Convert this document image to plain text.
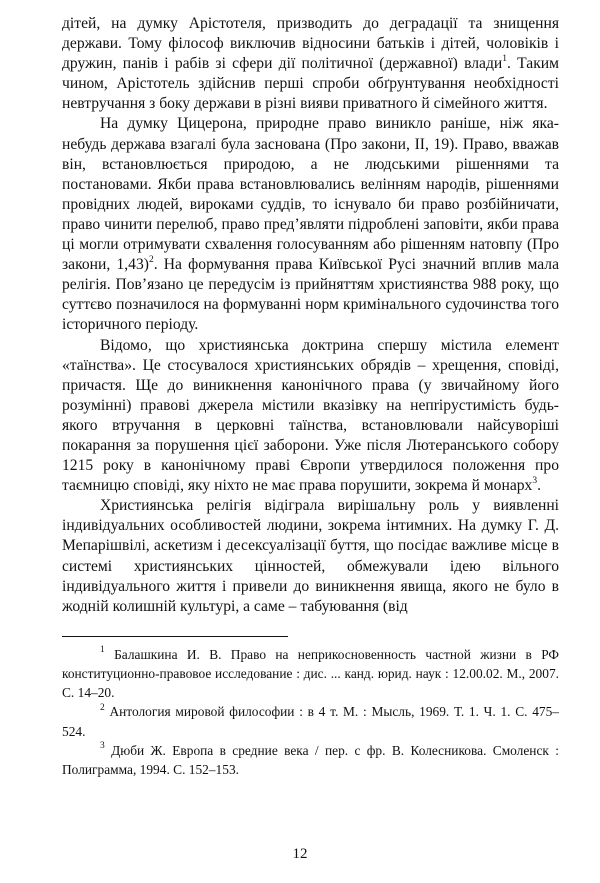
дітей, на думку Арістотеля, призводить до деградації та знищення держави. Тому філософ виключив відносини батьків і дітей, чоловіків і дружин, панів і рабів зі сфери дії політичної (державної) влади$^1$. Таким чином, Арістотель здійснив перші спроби обґрунтування необхідності невтручання з боку держави в різні вияви приватного й сімейного життя.

На думку Цицерона, природне право виникло раніше, ніж яка-небудь держава взагалі була заснована (Про закони, ІІ, 19). Право, вважав він, встановлюється природою, а не людськими рішеннями та постановами. Якби права встановлювались велінням народів, рішеннями провідних людей, вироками суддів, то існувало би право розбійничати, право чинити перелюб, право пред’являти підроблені заповіти, якби права ці могли отримувати схвалення голосуванням або рішенням натовпу (Про закони, 1,43)$^2$. На формування права Київської Русі значний вплив мала релігія. Пов’язано це передусім із прийняттям християнства 988 року, що суттєво позначилося на формуванні норм кримінального судочинства того історичного періоду.

Відомо, що християнська доктрина спершу містила елемент «таїнства». Це стосувалося християнських обрядів – хрещення, сповіді, причастя. Ще до виникнення канонічного права (у звичайному його розумінні) правові джерела містили вказівку на непripустимість будь-якого втручання в церковні таїнства, встановлювали найсуворіші покарання за порушення цієї заборони. Уже після Лютеранського собору 1215 року в канонічному праві Європи утвердилося положення про таємницю сповіді, яку ніхто не має права порушити, зокрема й монарх$^3$.

Християнська релігія відіграла вирішальну роль у виявленні індивідуальних особливостей людини, зокрема інтимних. На думку Г. Д. Мепарішвілі, аскетизм і десексуалізації буття, що посідає важливе місце в системі християнських цінностей, обмежували ідею вільного індивідуального життя і привели до виникнення явища, якого не було в жодній колишній культурі, а саме – табуювання (від

$^1$ Балашкина И. В. Право на неприкосновенность частной жизни в РФ конституционно-правовое исследование : дис. ... канд. юрид. наук : 12.00.02. М., 2007. С. 14–20.

$^2$ Антология мировой философии : в 4 т. М. : Мысль, 1969. Т. 1. Ч. 1. С. 475–524.

$^3$ Дюби Ж. Европа в средние века / пер. с фр. В. Колесникова. Смоленск : Полиграмма, 1994. С. 152–153.

12
